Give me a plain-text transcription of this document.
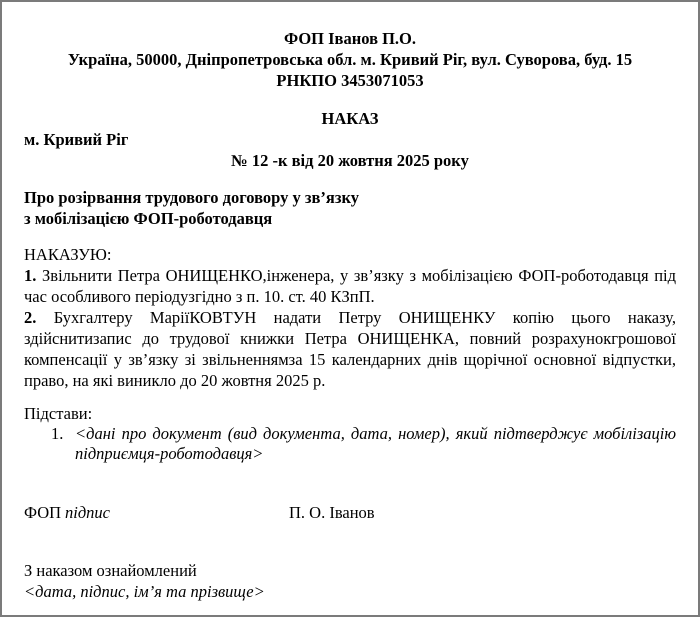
ФОП Іванов П.О.
Україна, 50000, Дніпропетровська обл. м. Кривий Ріг, вул. Суворова, буд. 15
РНКПО 3453071053
НАКАЗ
м. Кривий Ріг
№ 12 -к від 20 жовтня 2025 року
Про розірвання трудового договору у зв’язку
з мобілізацією ФОП-роботодавця
НАКАЗУЮ:

1. Звільнити Петра ОНИЩЕНКО,інженера, у зв’язку з мобілізацією ФОП-роботодавця під час особливого періодузгідно з п. 10. ст. 40 КЗпП.

2. Бухгалтеру МаріїКОВТУН надати Петру ОНИЩЕНКУ копію цього наказу, здійснитизапис до трудової книжки Петра ОНИЩЕНКА, повний розрахунокгрошової компенсації у зв’язку зі звільненнямза 15 календарних днів щорічної основної відпустки, право, на які виникло до 20 жовтня 2025 р.

Підстави:
1. <дані про документ (вид документа, дата, номер), який підтверджує мобілізацію підприємця-роботодавця>
ФОП підпис	П. О. Іванов
З наказом ознайомлений
<дата, підпис, ім’я та прізвище>
